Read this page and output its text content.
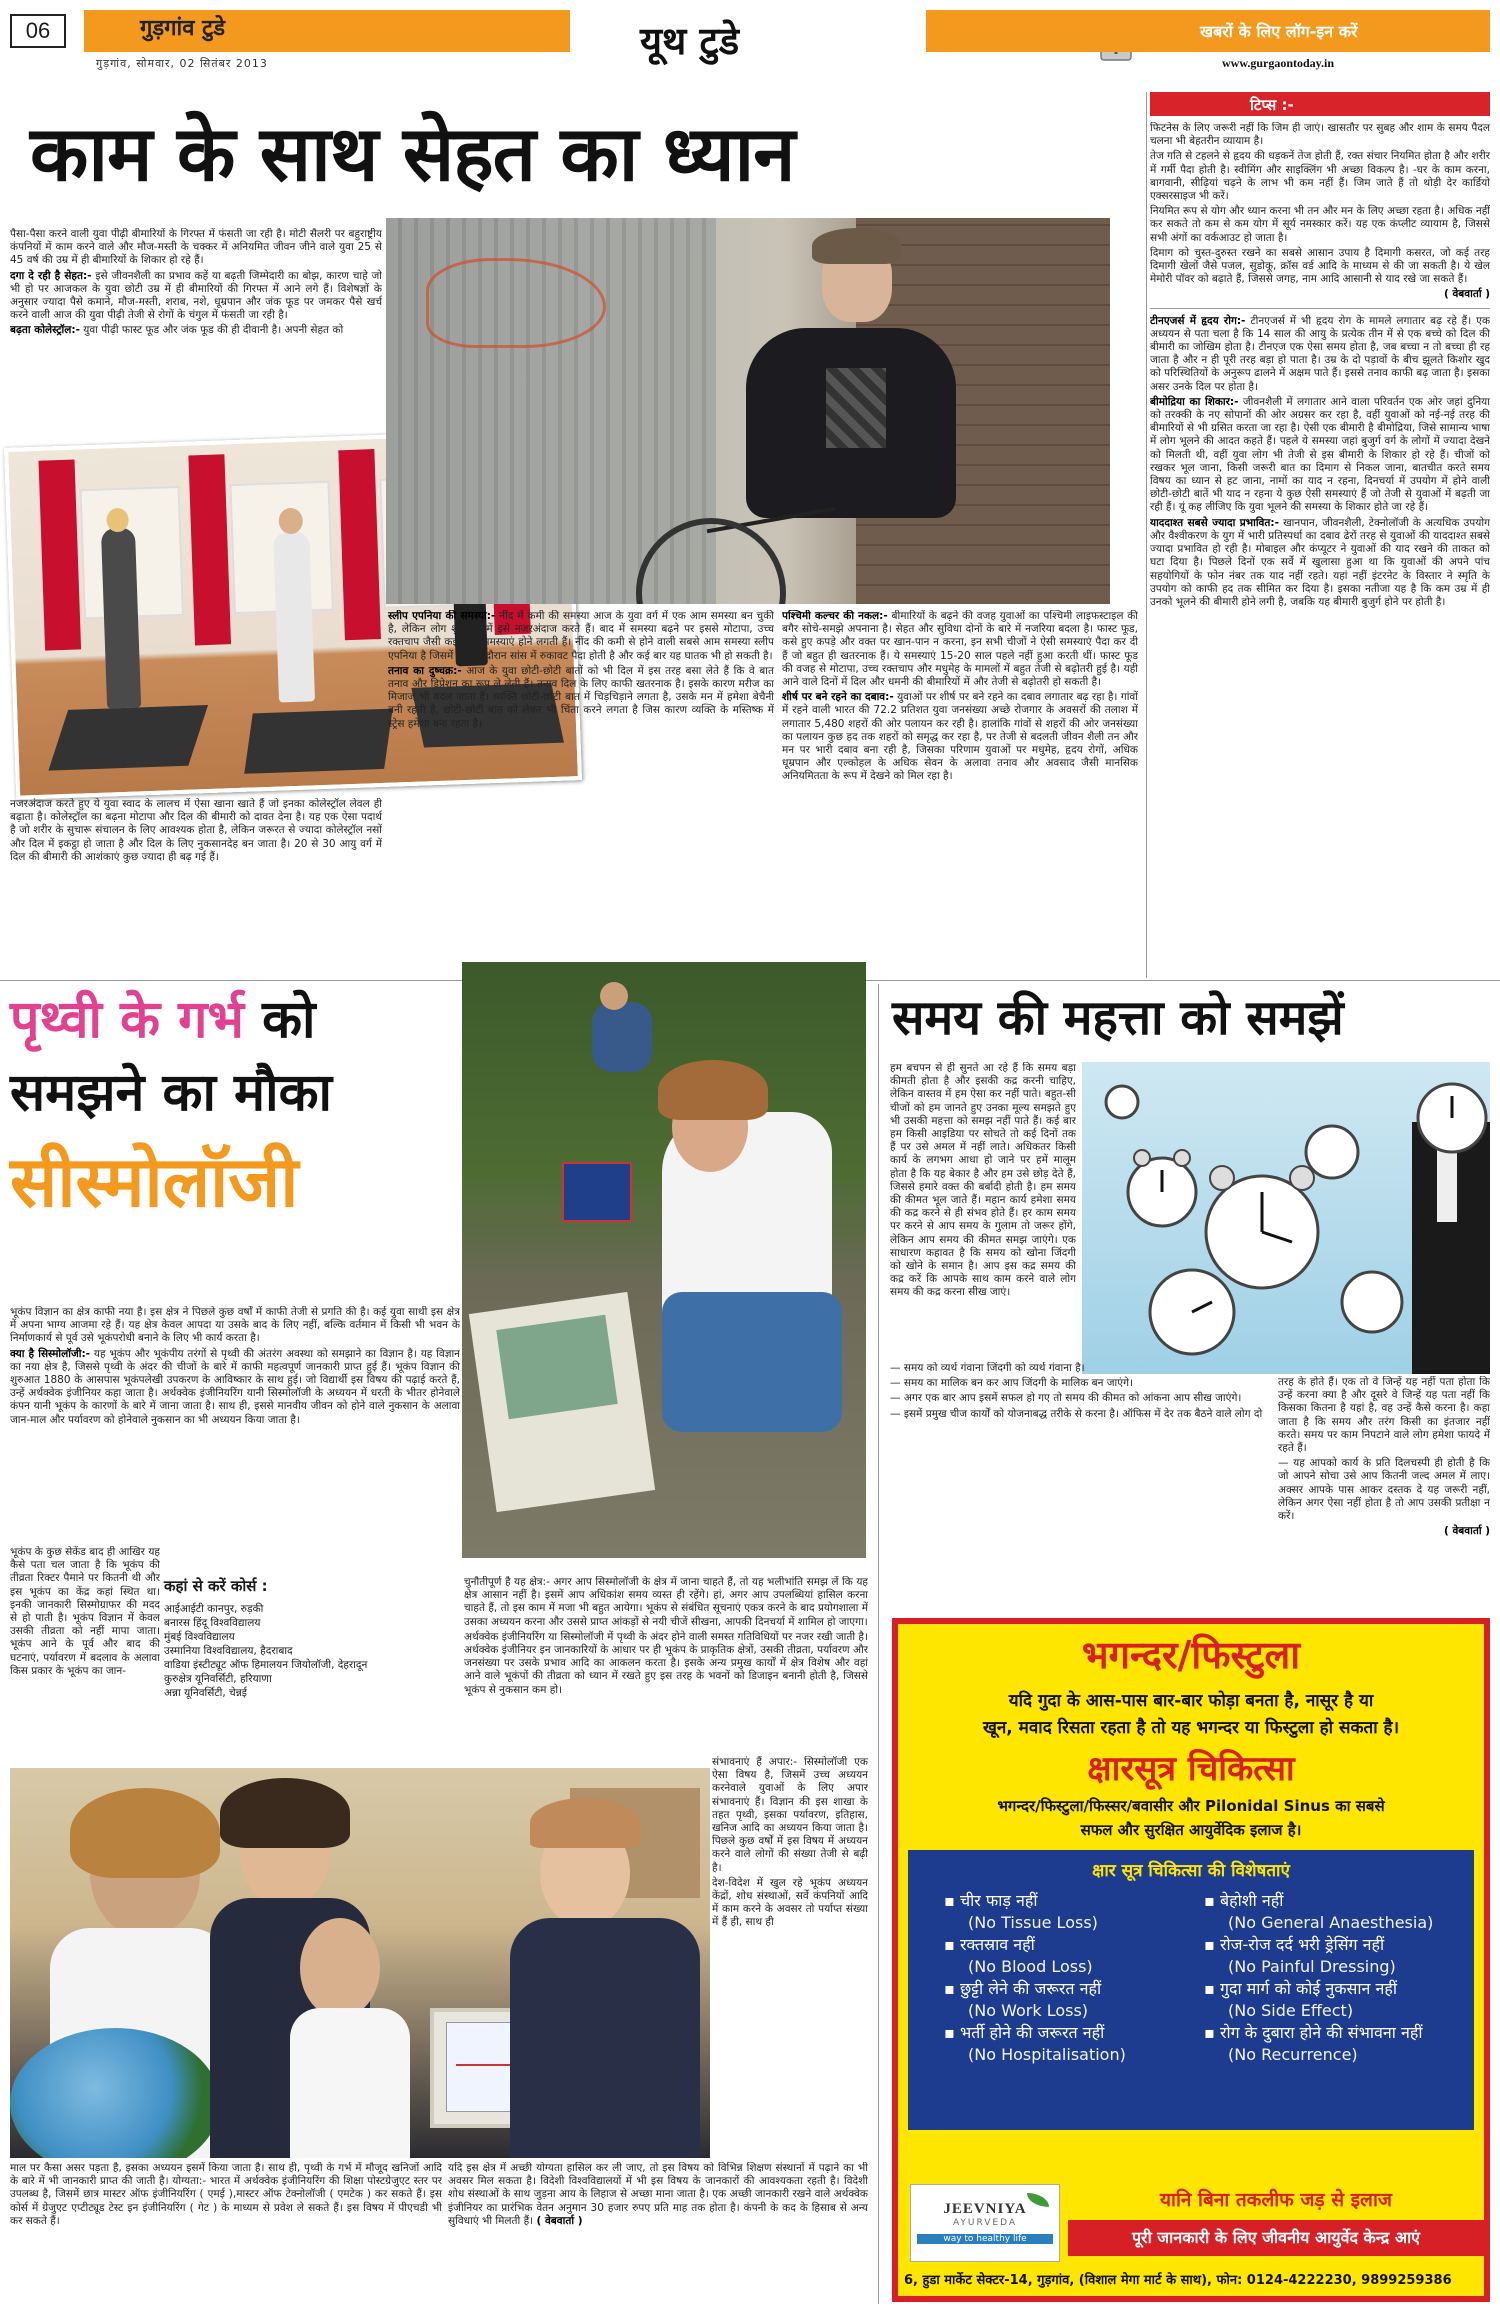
06	गुड़गांव टुडे
गुड़गांव, सोमवार, 02 सितंबर 2013
यूथ टुडे	खबरों के लिए लॉग-इन करें
www.gurgaontoday.in
काम के साथ सेहत का ध्यान

पैसा-पैसा करने वाली युवा पीढ़ी बीमारियों के गिरफ्त में फंसती जा रही है। मोटी सैलरी पर बहुराष्ट्रीय कंपनियों में काम करने वाले और मौज-मस्ती के चक्कर में अनियमित जीवन जीने वाले युवा 25 से 45 वर्ष की उम्र में ही बीमारियों के शिकार हो रहे हैं।

दगा दे रही है सेहत:- इसे जीवनशैली का प्रभाव कहें या बढ़ती जिम्मेदारी का बोझ, कारण चाहे जो भी हो पर आजकल के युवा छोटी उम्र में ही बीमारियों की गिरफ्त में आने लगे हैं। विशेषज्ञों के अनुसार ज्यादा पैसे कमाने, मौज-मस्ती, शराब, नशे, धूम्रपान और जंक फूड पर जमकर पैसे खर्च करने वाली आज की युवा पीढ़ी तेजी से रोगों के चंगुल में फंसती जा रही है।

बढ़ता कोलेस्ट्रॉल:- युवा पीढ़ी फास्ट फूड और जंक फूड की ही दीवानी है। अपनी सेहत को

नजरअंदाज करते हुए ये युवा स्वाद के लालच में ऐसा खाना खाते हैं जो इनका कोलेस्ट्रॉल लेवल ही बढ़ाता है। कोलेस्ट्रॉल का बढ़ना मोटापा और दिल की बीमारी को दावत देना है। यह एक ऐसा पदार्थ है जो शरीर के सुचारू संचालन के लिए आवश्यक होता है, लेकिन जरूरत से ज्यादा कोलेस्ट्रॉल नसों और दिल में इकट्ठा हो जाता है और दिल के लिए नुकसानदेह बन जाता है। 20 से 30 आयु वर्ग में दिल की बीमारी की आशंकाएं कुछ ज्यादा ही बढ़ गई हैं।

स्लीप एपनिया की समस्या:- नींद में कमी की समस्या आज के युवा वर्ग में एक आम समस्या बन चुकी है, लेकिन लोग शुरुआत में इसे नजरअंदाज करते हैं। बाद में समस्या बढ़ने पर इससे मोटापा, उच्च रक्तचाप जैसी कई अन्य समस्याएं होने लगती हैं। नींद की कमी से होने वाली सबसे आम समस्या स्लीप एपनिया है जिसमें नींद के दौरान सांस में रुकावट पैदा होती है और कई बार यह घातक भी हो सकती है।

तनाव का दुष्चक्र:- आज के युवा छोटी-छोटी बातों को भी दिल में इस तरह बसा लेते हैं कि वे बात तनाव और डिप्रेशन का रूप ले लेती हैं। तनाव दिल के लिए काफी खतरनाक है। इसके कारण मरीज का मिजाज भी बदल जाता है। व्यक्ति छोटी-छोटी बात में चिड़चिड़ाने लगता है, उसके मन में हमेशा बेचैनी बनी रहती है, छोटी-छोटी बात को लेकर भी चिंता करने लगता है जिस कारण व्यक्ति के मस्तिष्क में स्ट्रेस हमेशा बना रहता है।

पश्चिमी कल्चर की नकल:- बीमारियों के बढ़ने की वजह युवाओं का पश्चिमी लाइफस्टाइल की बगैर सोचे-समझे अपनाना है। सेहत और सुविधा दोनों के बारे में नजरिया बदला है। फास्ट फूड, कसे हुए कपड़े और वक्त पर खान-पान न करना, इन सभी चीजों ने ऐसी समस्याएं पैदा कर दी हैं जो बहुत ही खतरनाक हैं। ये समस्याएं 15-20 साल पहले नहीं हुआ करती थीं। फास्ट फूड की वजह से मोटापा, उच्च रक्तचाप और मधुमेह के मामलों में बहुत तेजी से बढ़ोतरी हुई है। यही आने वाले दिनों में दिल और धमनी की बीमारियों में और तेजी से बढ़ोतरी हो सकती है।

शीर्ष पर बने रहने का दबाव:- युवाओं पर शीर्ष पर बने रहने का दबाव लगातार बढ़ रहा है। गांवों में रहने वाली भारत की 72.2 प्रतिशत युवा जनसंख्या अच्छे रोजगार के अवसरों की तलाश में लगातार 5,480 शहरों की ओर पलायन कर रही है। हालांकि गांवों से शहरों की ओर जनसंख्या का पलायन कुछ हद तक शहरों को समृद्ध कर रहा है, पर तेजी से बदलती जीवन शैली तन और मन पर भारी दबाव बना रही है, जिसका परिणाम युवाओं पर मधुमेह, हृदय रोगों, अधिक धूम्रपान और एल्कोहल के अधिक सेवन के अलावा तनाव और अवसाद जैसी मानसिक अनियमितता के रूप में देखने को मिल रहा है।

टिप्स :-

फिटनेस के लिए जरूरी नहीं कि जिम ही जाएं। खासतौर पर सुबह और शाम के समय पैदल चलना भी बेहतरीन व्यायाम है।

तेज गति से टहलने से हृदय की धड़कनें तेज होती हैं, रक्त संचार नियमित होता है और शरीर में गर्मी पैदा होती है। स्वीमिंग और साइक्लिंग भी अच्छा विकल्प है। -घर के काम करना, बागवानी, सीढ़ियां चढ़ने के लाभ भी कम नहीं हैं। जिम जाते हैं तो थोड़ी देर कार्डियो एक्सरसाइज भी करें।

नियमित रूप से योग और ध्यान करना भी तन और मन के लिए अच्छा रहता है। अधिक नहीं कर सकते तो कम से कम योग में सूर्य नमस्कार करें। यह एक कंप्लीट व्यायाम है, जिससे सभी अंगों का वर्कआउट हो जाता है।

दिमाग को चुस्त-दुरुस्त रखने का सबसे आसान उपाय है दिमागी कसरत, जो कई तरह दिमागी खेलों जैसे पजल, सुडोकू, क्रॉस वर्ड आदि के माध्यम से की जा सकती है। ये खेल मेमोरी पॉवर को बढ़ाते हैं, जिससे जगह, नाम आदि आसानी से याद रखे जा सकते हैं।

( वेबवार्ता )

टीनएजर्स में हृदय रोग:- टीनएजर्स में भी हृदय रोग के मामले लगातार बढ़ रहे हैं। एक अध्ययन से पता चला है कि 14 साल की आयु के प्रत्येक तीन में से एक बच्चे को दिल की बीमारी का जोखिम होता है। टीनएज एक ऐसा समय होता है, जब बच्चा न तो बच्चा ही रह जाता है और न ही पूरी तरह बड़ा हो पाता है। उम्र के दो पड़ावों के बीच झूलते किशोर खुद को परिस्थितियों के अनुरूप ढालने में अक्षम पाते हैं। इससे तनाव काफी बढ़ जाता है। इसका असर उनके दिल पर होता है।

बीमोद्रिया का शिकार:- जीवनशैली में लगातार आने वाला परिवर्तन एक ओर जहां दुनिया को तरक्की के नए सोपानों की ओर अग्रसर कर रहा है, वहीं युवाओं को नई-नई तरह की बीमारियों से भी ग्रसित करता जा रहा है। ऐसी एक बीमारी है बीमोद्रिया, जिसे सामान्य भाषा में लोग भूलने की आदत कहते हैं। पहले ये समस्या जहां बुजुर्ग वर्ग के लोगों में ज्यादा देखने को मिलती थी, वहीं युवा लोग भी तेजी से इस बीमारी के शिकार हो रहे हैं। चीजों को रखकर भूल जाना, किसी जरूरी बात का दिमाग से निकल जाना, बातचीत करते समय विषय का ध्यान से हट जाना, नामों का याद न रहना, दिनचर्या में उपयोग में होने वाली छोटी-छोटी बातें भी याद न रहना ये कुछ ऐसी समस्याएं हैं जो तेजी से युवाओं में बढ़ती जा रही हैं। यूं कह लीजिए कि युवा भूलने की समस्या के शिकार होते जा रहे हैं।

याददाश्त सबसे ज्यादा प्रभावित:- खानपान, जीवनशैली, टेक्नोलॉजी के अत्यधिक उपयोग और वैश्वीकरण के युग में भारी प्रतिस्पर्धा का दबाव ढेरों तरह से युवाओं की याददाश्त सबसे ज्यादा प्रभावित हो रही है। मोबाइल और कंप्यूटर ने युवाओं की याद रखने की ताकत को घटा दिया है। पिछले दिनों एक सर्वे में खुलासा हुआ था कि युवाओं की अपने पांच सहयोगियों के फोन नंबर तक याद नहीं रहते। यहां नहीं इंटरनेट के विस्तार ने स्मृति के उपयोग को काफी हद तक सीमित कर दिया है। इसका नतीजा यह है कि कम उम्र में ही उनको भूलने की बीमारी होने लगी है, जबकि यह बीमारी बुजुर्ग होने पर होती है।

पृथ्वी के गर्भ को
समझने का मौका
सीस्मोलॉजी

भूकंप विज्ञान का क्षेत्र काफी नया है। इस क्षेत्र ने पिछले कुछ वर्षों में काफी तेजी से प्रगति की है। कई युवा साथी इस क्षेत्र में अपना भाग्य आजमा रहे हैं। यह क्षेत्र केवल आपदा या उसके बाद के लिए नहीं, बल्कि वर्तमान में किसी भी भवन के निर्माणकार्य से पूर्व उसे भूकंपरोधी बनाने के लिए भी कार्य करता है।

क्या है सिस्मोलॉजी:- यह भूकंप और भूकंपीय तरंगों से पृथ्वी की अंतरंग अवस्था को समझाने का विज्ञान है। यह विज्ञान का नया क्षेत्र है, जिससे पृथ्वी के अंदर की चीजों के बारे में काफी महत्वपूर्ण जानकारी प्राप्त हुई हैं। भूकंप विज्ञान की शुरुआत 1880 के आसपास भूकंपलेखी उपकरण के आविष्कार के साथ हुई। जो विद्यार्थी इस विषय की पढ़ाई करते हैं, उन्हें अर्थक्वेक इंजीनियर कहा जाता है। अर्थक्वेक इंजीनियरिंग यानी सिस्मोलॉजी के अध्ययन में धरती के भीतर होनेवाले कंपन यानी भूकंप के कारणों के बारे में जाना जाता है। साथ ही, इससे मानवीय जीवन को होने वाले नुकसान के अलावा जान-माल और पर्यावरण को होनेवाले नुकसान का भी अध्ययन किया जाता है।

भूकंप के कुछ सेकेंड बाद ही आखिर यह कैसे पता चल जाता है कि भूकंप की तीव्रता रिक्टर पैमाने पर कितनी थी और इस भूकंप का केंद्र कहां स्थित था। इनकी जानकारी सिस्मोग्राफर की मदद से हो पाती है। भूकंप विज्ञान में केवल उसकी तीव्रता को नहीं मापा जाता। भूकंप आने के पूर्व और बाद की घटनाएं, पर्यावरण में बदलाव के अलावा किस प्रकार के भूकंप का जान-
कहां से करें कोर्स :
आईआईटी कानपुर, रुड़की
बनारस हिंदू विश्वविद्यालय
मुंबई विश्वविद्यालय
उस्मानिया विश्वविद्यालय, हैदराबाद
वाडिया इंस्टीट्यूट ऑफ हिमालयन जियोलॉजी, देहरादून
कुरुक्षेत्र यूनिवर्सिटी, हरियाणा
अन्ना यूनिवर्सिटी, चेन्नई

चुनौतीपूर्ण है यह क्षेत्र:- अगर आप सिस्मोलॉजी के क्षेत्र में जाना चाहते हैं, तो यह भलीभांति समझ लें कि यह क्षेत्र आसान नहीं है। इसमें आप अधिकांश समय व्यस्त ही रहेंगे। हां, अगर आप उपलब्धियां हासिल करना चाहते हैं, तो इस काम में मजा भी बहुत आयेगा। भूकंप से संबंधित सूचनाएं एकत्र करने के बाद प्रयोगशाला में उसका अध्ययन करना और उससे प्राप्त आंकड़ों से नयी चीजें सीखना, आपकी दिनचर्या में शामिल हो जाएगा।

अर्थक्वेक इंजीनियरिंग या सिस्मोलॉजी में पृथ्वी के अंदर होने वाली समस्त गतिविधियों पर नजर रखी जाती है। अर्थक्वेक इंजीनियर इन जानकारियों के आधार पर ही भूकंप के प्राकृतिक क्षेत्रों, उसकी तीव्रता, पर्यावरण और जनसंख्या पर उसके प्रभाव आदि का आकलन करता है। इसके अन्य प्रमुख कार्यों में क्षेत्र विशेष और वहां आने वाले भूकंपों की तीव्रता को ध्यान में रखते हुए इस तरह के भवनों को डिजाइन बनानी होती है, जिससे भूकंप से नुकसान कम हो।

संभावनाएं हैं अपार:- सिस्मोलॉजी एक ऐसा विषय है, जिसमें उच्च अध्ययन करनेवाले युवाओं के लिए अपार संभावनाएं हैं। विज्ञान की इस शाखा के तहत पृथ्वी, इसका पर्यावरण, इतिहास, खनिज आदि का अध्ययन किया जाता है। पिछले कुछ वर्षों में इस विषय में अध्ययन करने वाले लोगों की संख्या तेजी से बढ़ी है।

देश-विदेश में खुल रहे भूकंप अध्ययन केंद्रों, शोध संस्थाओं, सर्वे कंपनियों आदि में काम करने के अवसर तो पर्याप्त संख्या में हैं ही, साथ ही

माल पर कैसा असर पड़ता है, इसका अध्ययन इसमें किया जाता है। साथ ही, पृथ्वी के गर्भ में मौजूद खनिजों आदि के बारे में भी जानकारी प्राप्त की जाती है। योग्यता:- भारत में अर्थक्वेक इंजीनियरिंग की शिक्षा पोस्टग्रेजुएट स्तर पर उपलब्ध है, जिसमें छात्र मास्टर ऑफ इंजीनियरिंग ( एमई ),मास्टर ऑफ टेक्नोलॉजी ( एमटेक ) कर सकते हैं। इस कोर्स में ग्रेजुएट एप्टीट्यूड टेस्ट इन इंजीनियरिंग ( गेट ) के माध्यम से प्रवेश ले सकते हैं। इस विषय में पीएचडी भी कर सकते हैं।
यदि इस क्षेत्र में अच्छी योग्यता हासिल कर ली जाए, तो इस विषय को विभिन्न शिक्षण संस्थानों में पढ़ाने का भी अवसर मिल सकता है। विदेशी विश्वविद्यालयों में भी इस विषय के जानकारों की आवश्यकता रहती है। विदेशी शोध संस्थाओं के साथ जुड़ना आय के लिहाज से अच्छा माना जाता है। एक अच्छी जानकारी रखने वाले अर्थक्वेक इंजीनियर का प्रारंभिक वेतन अनुमान 30 हजार रुपए प्रति माह तक होता है। कंपनी के कद के हिसाब से अन्य सुविधाएं भी मिलती हैं। ( वेबवार्ता )
समय की महत्ता को समझें
हम बचपन से ही सुनते आ रहे हैं कि समय बड़ा कीमती होता है और इसकी कद्र करनी चाहिए, लेकिन वास्तव में हम ऐसा कर नहीं पाते। बहुत-सी चीजों को हम जानते हुए उनका मूल्य समझते हुए भी उसकी महत्ता को समझ नहीं पाते हैं। कई बार हम किसी आइडिया पर सोचते तो कई दिनों तक हैं पर उसे अमल में नहीं लाते। अधिकतर किसी कार्य के लगभग आधा हो जाने पर हमें मालूम होता है कि यह बेकार है और हम उसे छोड़ देते हैं, जिससे हमारे वक्त की बर्बादी होती है। हम समय की कीमत भूल जाते हैं। महान कार्य हमेशा समय की कद्र करने से ही संभव होते हैं। हर काम समय पर करने से आप समय के गुलाम तो जरूर होंगे, लेकिन आप समय की कीमत समझ जाएंगे। एक साधारण कहावत है कि समय को खोना जिंदगी को खोने के समान है। आप इस कद्र समय की कद्र करें कि आपके साथ काम करने वाले लोग समय की कद्र करना सीख जाएं।

— समय को व्यर्थ गंवाना जिंदगी को व्यर्थ गंवाना है।

— समय का मालिक बन कर आप जिंदगी के मालिक बन जाएंगे।

— अगर एक बार आप इसमें सफल हो गए तो समय की कीमत को आंकना आप सीख जाएंगे।

— इसमें प्रमुख चीज कार्यों को योजनाबद्ध तरीके से करना है। ऑफिस में देर तक बैठने वाले लोग दो

तरह के होते हैं। एक तो वे जिन्हें यह नहीं पता होता कि उन्हें करना क्या है और दूसरे वे जिन्हें यह पता नहीं कि किसका कितना है यहां है, वह उन्हें कैसे करना है। कहा जाता है कि समय और तरंग किसी का इंतजार नहीं करते। समय पर काम निपटाने वाले लोग हमेशा फायदे में रहते हैं।

— यह आपको कार्य के प्रति दिलचस्पी ही होती है कि जो आपने सोचा उसे आप कितनी जल्द अमल में लाए। अक्सर आपके पास आकर दस्तक दे यह जरूरी नहीं, लेकिन अगर ऐसा नहीं होता है तो आप उसकी प्रतीक्षा न करें।

( वेबवार्ता )

भगन्दर/फिस्टुला
यदि गुदा के आस-पास बार-बार फोड़ा बनता है, नासूर है या
खून, मवाद रिसता रहता है तो यह भगन्दर या फिस्टुला हो सकता है।
क्षारसूत्र चिकित्सा
भगन्दर/फिस्टुला/फिस्सर/बवासीर और Pilonidal Sinus का सबसे
सफल और सुरक्षित आयुर्वेदिक इलाज है।
क्षार सूत्र चिकित्सा की विशेषताएं
▪ चीर फाड़ नहीं
(No Tissue Loss)
▪ रक्तस्राव नहीं
(No Blood Loss)
▪ छुट्टी लेने की जरूरत नहीं
(No Work Loss)
▪ भर्ती होने की जरूरत नहीं
(No Hospitalisation)
▪ बेहोशी नहीं
(No General Anaesthesia)
▪ रोज-रोज दर्द भरी ड्रेसिंग नहीं
(No Painful Dressing)
▪ गुदा मार्ग को कोई नुकसान नहीं
(No Side Effect)
▪ रोग के दुबारा होने की संभावना नहीं
(No Recurrence)
JEEVNIYA
AYURVEDA
way to healthy life
यानि बिना तकलीफ जड़ से इलाज
पूरी जानकारी के लिए जीवनीय आयुर्वेद केन्द्र आएं
6, हुडा मार्केट सेक्टर-14, गुड़गांव, (विशाल मेगा मार्ट के साथ), फोन: 0124-4222230, 9899259386
